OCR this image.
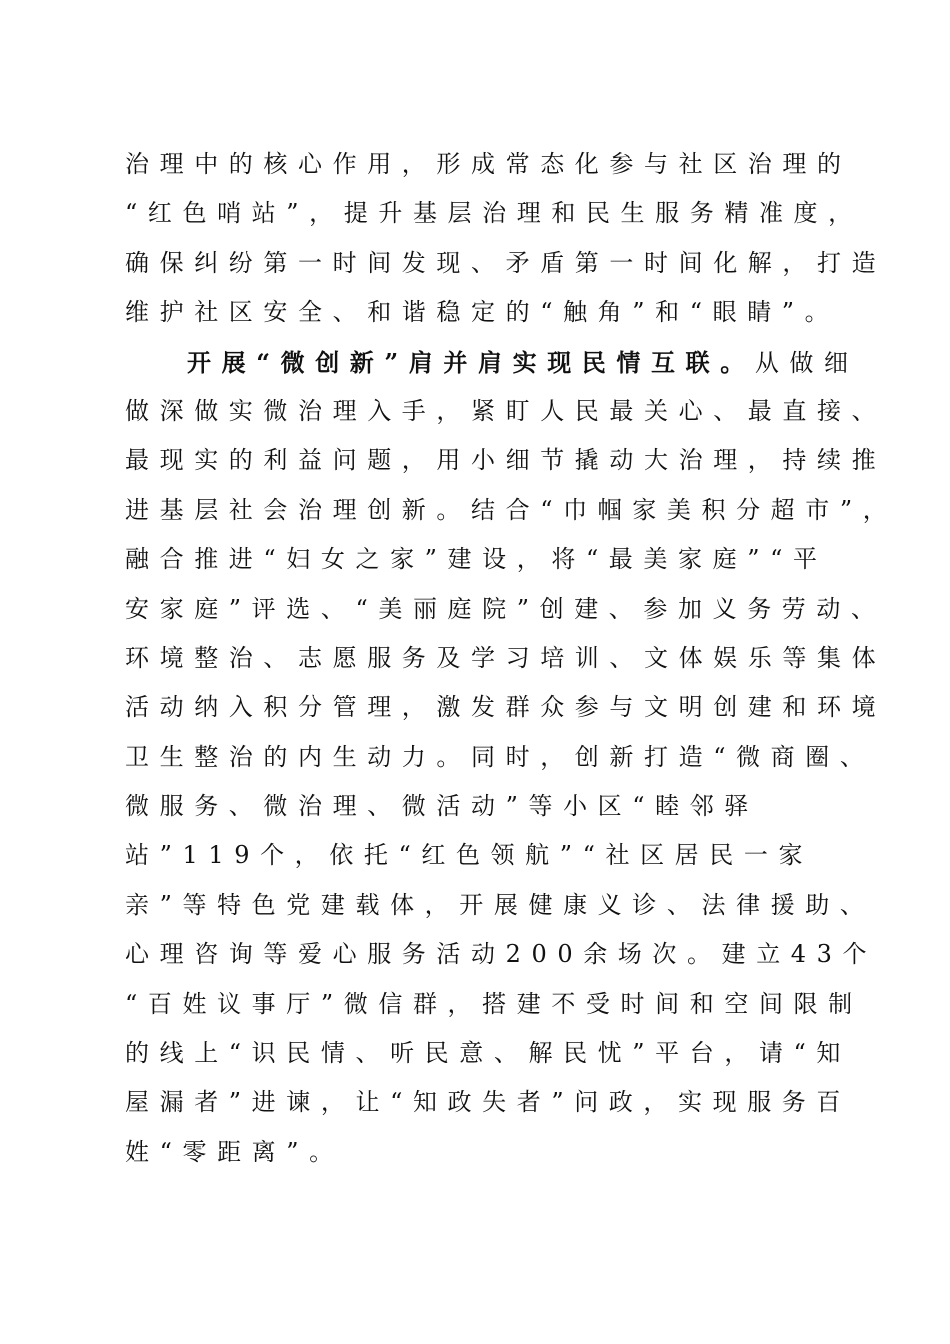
治理中的核心作用，形成常态化参与社区治理的
“红色哨站”，提升基层治理和民生服务精准度，
确保纠纷第一时间发现、矛盾第一时间化解，打造
维护社区安全、和谐稳定的“触角”和“眼睛”。
开展“微创新”肩并肩实现民情互联。从做细
做深做实微治理入手，紧盯人民最关心、最直接、
最现实的利益问题，用小细节撬动大治理，持续推
进基层社会治理创新。结合“巾帼家美积分超市”，
融合推进“妇女之家”建设，将“最美家庭”“平
安家庭”评选、“美丽庭院”创建、参加义务劳动、
环境整治、志愿服务及学习培训、文体娱乐等集体
活动纳入积分管理，激发群众参与文明创建和环境
卫生整治的内生动力。同时，创新打造“微商圈、
微服务、微治理、微活动”等小区“睦邻驿
站”119个，依托“红色领航”“社区居民一家
亲”等特色党建载体，开展健康义诊、法律援助、
心理咨询等爱心服务活动200余场次。建立43个
“百姓议事厅”微信群，搭建不受时间和空间限制
的线上“识民情、听民意、解民忧”平台，请“知
屋漏者”进谏，让“知政失者”问政，实现服务百
姓“零距离”。
